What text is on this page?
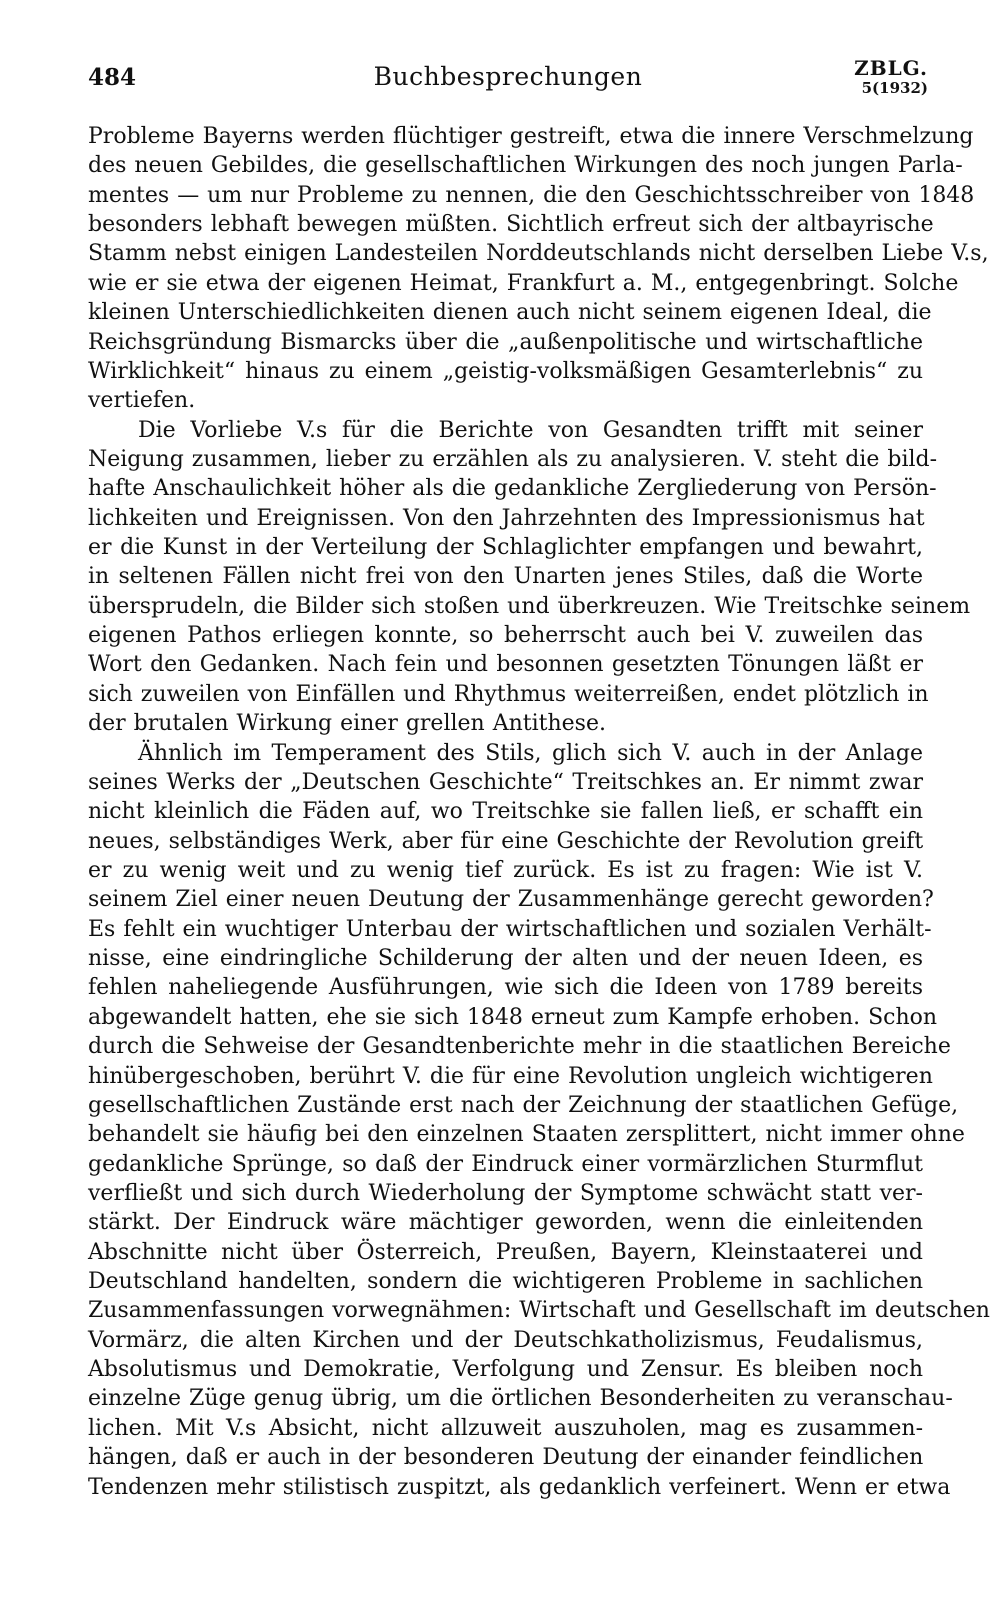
484	Buchbesprechungen	ZBLG.
5(1932)
Probleme Bayerns werden flüchtiger gestreift, etwa die innere Verschmelzung
des neuen Gebildes, die gesellschaftlichen Wirkungen des noch jungen Parla-
mentes — um nur Probleme zu nennen, die den Geschichtsschreiber von 1848
besonders lebhaft bewegen müßten. Sichtlich erfreut sich der altbayrische
Stamm nebst einigen Landesteilen Norddeutschlands nicht derselben Liebe V.s,
wie er sie etwa der eigenen Heimat, Frankfurt a. M., entgegenbringt. Solche
kleinen Unterschiedlichkeiten dienen auch nicht seinem eigenen Ideal, die
Reichsgründung Bismarcks über die „außenpolitische und wirtschaftliche
Wirklichkeit“ hinaus zu einem „geistig-volksmäßigen Gesamterlebnis“ zu
vertiefen.
Die Vorliebe V.s für die Berichte von Gesandten trifft mit seiner
Neigung zusammen, lieber zu erzählen als zu analysieren. V. steht die bild-
hafte Anschaulichkeit höher als die gedankliche Zergliederung von Persön-
lichkeiten und Ereignissen. Von den Jahrzehnten des Impressionismus hat
er die Kunst in der Verteilung der Schlaglichter empfangen und bewahrt,
in seltenen Fällen nicht frei von den Unarten jenes Stiles, daß die Worte
übersprudeln, die Bilder sich stoßen und überkreuzen. Wie Treitschke seinem
eigenen Pathos erliegen konnte, so beherrscht auch bei V. zuweilen das
Wort den Gedanken. Nach fein und besonnen gesetzten Tönungen läßt er
sich zuweilen von Einfällen und Rhythmus weiterreißen, endet plötzlich in
der brutalen Wirkung einer grellen Antithese.
Ähnlich im Temperament des Stils, glich sich V. auch in der Anlage
seines Werks der „Deutschen Geschichte“ Treitschkes an. Er nimmt zwar
nicht kleinlich die Fäden auf, wo Treitschke sie fallen ließ, er schafft ein
neues, selbständiges Werk, aber für eine Geschichte der Revolution greift
er zu wenig weit und zu wenig tief zurück. Es ist zu fragen: Wie ist V.
seinem Ziel einer neuen Deutung der Zusammenhänge gerecht geworden?
Es fehlt ein wuchtiger Unterbau der wirtschaftlichen und sozialen Verhält-
nisse, eine eindringliche Schilderung der alten und der neuen Ideen, es
fehlen naheliegende Ausführungen, wie sich die Ideen von 1789 bereits
abgewandelt hatten, ehe sie sich 1848 erneut zum Kampfe erhoben. Schon
durch die Sehweise der Gesandtenberichte mehr in die staatlichen Bereiche
hinübergeschoben, berührt V. die für eine Revolution ungleich wichtigeren
gesellschaftlichen Zustände erst nach der Zeichnung der staatlichen Gefüge,
behandelt sie häufig bei den einzelnen Staaten zersplittert, nicht immer ohne
gedankliche Sprünge, so daß der Eindruck einer vormärzlichen Sturmflut
verfließt und sich durch Wiederholung der Symptome schwächt statt ver-
stärkt. Der Eindruck wäre mächtiger geworden, wenn die einleitenden
Abschnitte nicht über Österreich, Preußen, Bayern, Kleinstaaterei und
Deutschland handelten, sondern die wichtigeren Probleme in sachlichen
Zusammenfassungen vorwegnähmen: Wirtschaft und Gesellschaft im deutschen
Vormärz, die alten Kirchen und der Deutschkatholizismus, Feudalismus,
Absolutismus und Demokratie, Verfolgung und Zensur. Es bleiben noch
einzelne Züge genug übrig, um die örtlichen Besonderheiten zu veranschau-
lichen. Mit V.s Absicht, nicht allzuweit auszuholen, mag es zusammen-
hängen, daß er auch in der besonderen Deutung der einander feindlichen
Tendenzen mehr stilistisch zuspitzt, als gedanklich verfeinert. Wenn er etwa
